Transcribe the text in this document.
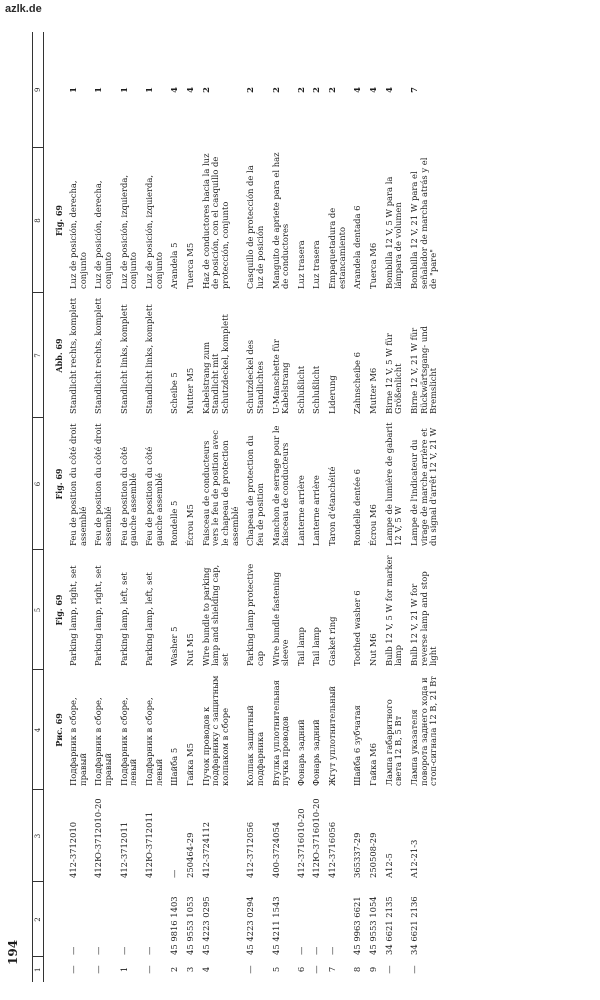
azlk.de
194
1	2	3	4	5	6	7	8	9
			Рис. 69	Fig. 69	Fig. 69	Abb. 69	Fig. 69	
—	—	412-3712010	Подфарник в сборе, правый	Parking lamp, right, set	Feu de position du côté droit assemblé	Standlicht rechts, komplett	Luz de posición, derecha, conjunto	1
—	—	412Ю-3712010-20	Подфарник в сборе, правый	Parking lamp, right, set	Feu de position du côté droit assemblé	Standlicht rechts, komplett	Luz de posición, derecha, conjunto	1
1	—	412-3712011	Подфарник в сборе, левый	Parking lamp, left, set	Feu de position du côté gauche assemblé	Standlicht links, komplett	Luz de posición, izquierda, conjunto	1
—	—	412Ю-3712011	Подфарник в сборе, левый	Parking lamp, left, set	Feu de position du côté gauche assemblé	Standlicht links, komplett	Luz de posición, izquierda, conjunto	1
2	45 9816 1403	—	Шайба 5	Washer 5	Rondelle 5	Scheibe 5	Arandela 5	4
3	45 9553 1053	250464-29	Гайка М5	Nut M5	Écrou M5	Mutter M5	Tuerca M5	4
4	45 4223 0295	412-3724112	Пучок проводов к подфарнику с защитным колпаком в сборе	Wire bundle to parking lamp and shielding cap, set	Faisceau de conducteurs vers le feu de position avec le chapeau de protection assemblé	Kabelstrang zum Standlicht mit Schutzdeckel, komplett	Haz de conductores hacia la luz de posición, con el casquillo de protección, conjunto	2
—	45 4223 0294	412-3712056	Колпак защитный подфарника	Parking lamp protective cap	Chapeau de protection du feu de position	Schutzdeckel des Standlichtes	Casquillo de protección de la luz de posición	2
5	45 4211 1543	400-3724054	Втулка уплотнительная пучка проводов	Wire bundle fastening sleeve	Manchon de serrage pour le faisceau de conducteurs	U-Manschette für Kabelstrang	Manguito de apriete para el haz de conductores	2
6	—	412-3716010-20	Фонарь задний	Tail lamp	Lanterne arrière	Schlußlicht	Luz trasera	2
—	—	412Ю-3716010-20	Фонарь задний	Tail lamp	Lanterne arrière	Schlußlicht	Luz trasera	2
7	—	412-3716056	Жгут уплотнительный	Gasket ring	Taron d'étanchéité	Liderung	Empaquetadura de estancamiento	2
8	45 9963 6621	365337-29	Шайба 6 зубчатая	Toothed washer 6	Rondelle dentée 6	Zahnscheibe 6	Arandela dentada 6	4
9	45 9553 1054	250508-29	Гайка М6	Nut M6	Écrou M6	Mutter M6	Tuerca M6	4
—	34 6621 2135	A12-5	Лампа габаритного света 12 В, 5 Вт	Bulb 12 V, 5 W for marker lamp	Lampe de lumière de gabarit 12 V, 5 W	Birne 12 V, 5 W für Größenlicht	Bombilla 12 V, 5 W para la lámpara de volumen	4
—	34 6621 2136	A12-21-3	Лампа указателя поворота заднего хода и стоп-сигнала 12 В, 21 Вт	Bulb 12 V, 21 W for reverse lamp and stop light	Lampe de l'indicateur du virage de marche arrière et du signal d'arrêt 12 V, 21 W	Birne 12 V, 21 W für Rückwärtsgang- und Bremslicht	Bombilla 12 V, 21 W para el señalador de marcha atrás y el de "pare"	7
